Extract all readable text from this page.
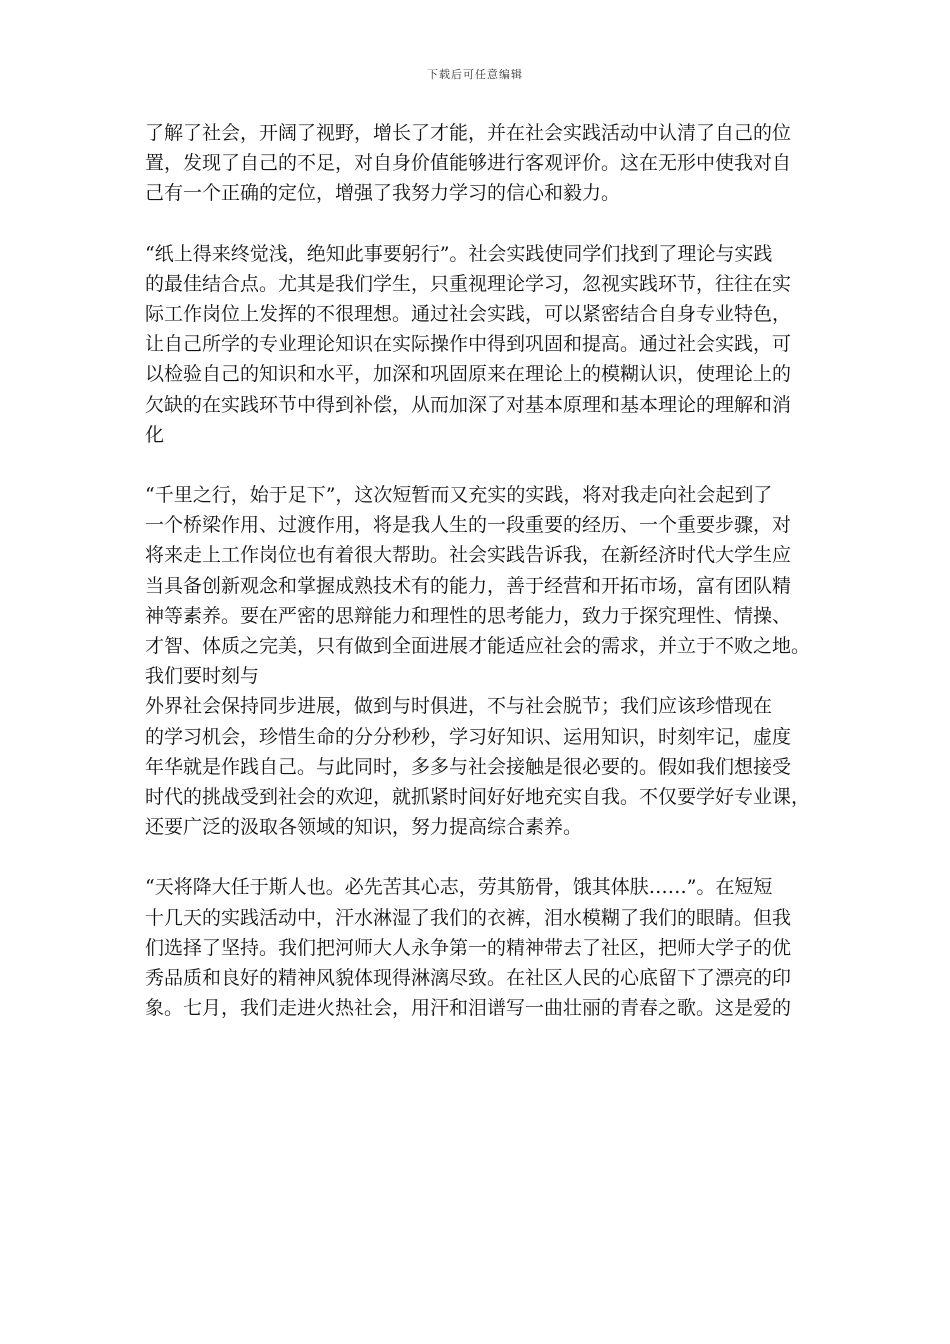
下载后可任意编辑

了解了社会，开阔了视野，增长了才能，并在社会实践活动中认清了自己的位
置，发现了自己的不足，对自身价值能够进行客观评价。这在无形中使我对自
己有一个正确的定位，增强了我努力学习的信心和毅力。

“纸上得来终觉浅，绝知此事要躬行”。社会实践使同学们找到了理论与实践
的最佳结合点。尤其是我们学生，只重视理论学习，忽视实践环节，往往在实
际工作岗位上发挥的不很理想。通过社会实践，可以紧密结合自身专业特色，
让自己所学的专业理论知识在实际操作中得到巩固和提高。通过社会实践，可
以检验自己的知识和水平，加深和巩固原来在理论上的模糊认识，使理论上的
欠缺的在实践环节中得到补偿，从而加深了对基本原理和基本理论的理解和消
化

“千里之行，始于足下”，这次短暂而又充实的实践，将对我走向社会起到了
一个桥梁作用、过渡作用，将是我人生的一段重要的经历、一个重要步骤，对
将来走上工作岗位也有着很大帮助。社会实践告诉我，在新经济时代大学生应
当具备创新观念和掌握成熟技术有的能力，善于经营和开拓市场，富有团队精
神等素养。要在严密的思辩能力和理性的思考能力，致力于探究理性、情操、
才智、体质之完美，只有做到全面进展才能适应社会的需求，并立于不败之地。
我们要时刻与
外界社会保持同步进展，做到与时俱进，不与社会脱节；我们应该珍惜现在
的学习机会，珍惜生命的分分秒秒，学习好知识、运用知识，时刻牢记，虚度
年华就是作践自己。与此同时，多多与社会接触是很必要的。假如我们想接受
时代的挑战受到社会的欢迎，就抓紧时间好好地充实自我。不仅要学好专业课，
还要广泛的汲取各领域的知识，努力提高综合素养。

“天将降大任于斯人也。必先苦其心志，劳其筋骨，饿其体肤……”。在短短
十几天的实践活动中，汗水淋湿了我们的衣裤，泪水模糊了我们的眼睛。但我
们选择了坚持。我们把河师大人永争第一的精神带去了社区，把师大学子的优
秀品质和良好的精神风貌体现得淋漓尽致。在社区人民的心底留下了漂亮的印
象。七月，我们走进火热社会，用汗和泪谱写一曲壮丽的青春之歌。这是爱的
